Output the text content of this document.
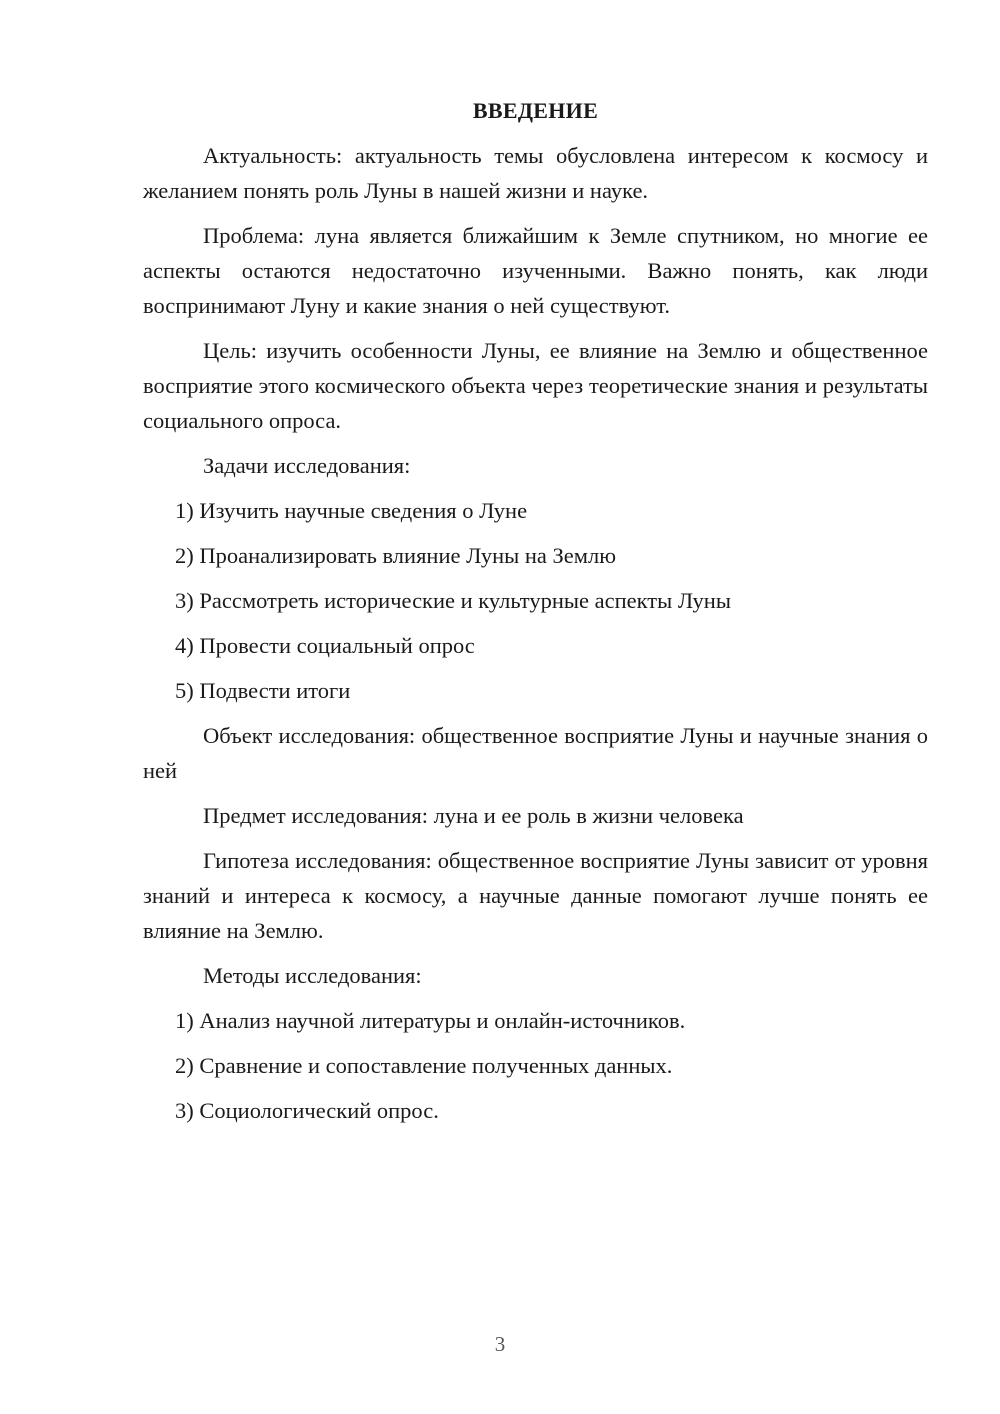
ВВЕДЕНИЕ

Актуальность: актуальность темы обусловлена интересом к космосу и желанием понять роль Луны в нашей жизни и науке.

Проблема: луна является ближайшим к Земле спутником, но многие ее аспекты остаются недостаточно изученными. Важно понять, как люди воспринимают Луну и какие знания о ней существуют.

Цель: изучить особенности Луны, ее влияние на Землю и общественное восприятие этого космического объекта через теоретические знания и результаты социального опроса.

Задачи исследования:

1) Изучить научные сведения о Луне
2) Проанализировать влияние Луны на Землю
3) Рассмотреть исторические и культурные аспекты Луны
4) Провести социальный опрос
5) Подвести итоги

Объект исследования: общественное восприятие Луны и научные знания о ней

Предмет исследования: луна и ее роль в жизни человека

Гипотеза исследования: общественное восприятие Луны зависит от уровня знаний и интереса к космосу, а научные данные помогают лучше понять ее влияние на Землю.

Методы исследования:

1) Анализ научной литературы и онлайн-источников.
2) Сравнение и сопоставление полученных данных.
3) Социологический опрос.
3
